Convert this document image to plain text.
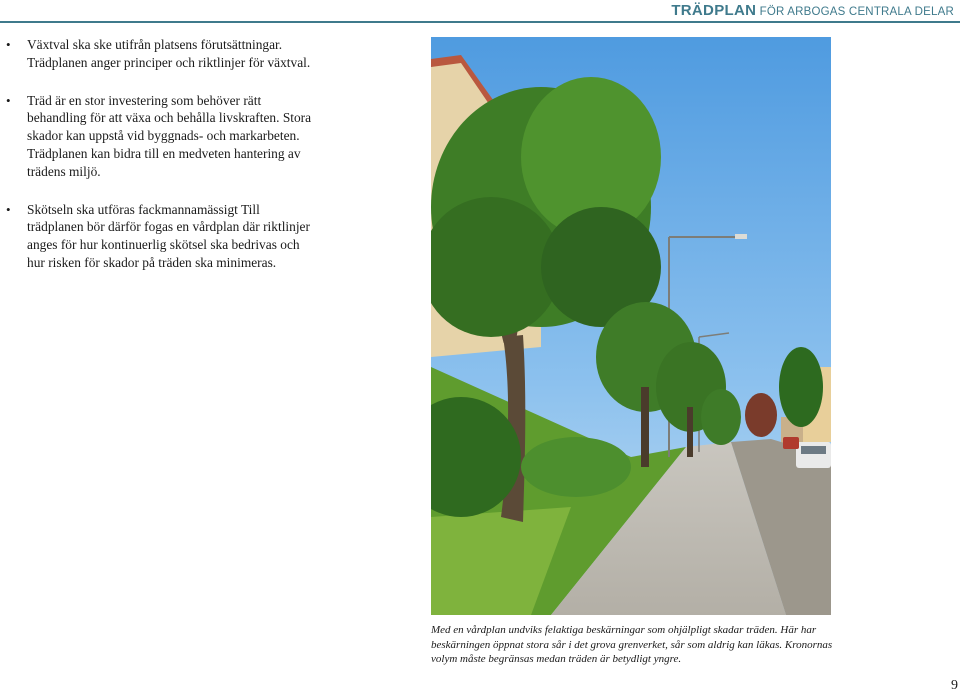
TRÄDPLAN FÖR ARBOGAS CENTRALA DELAR
• Växtval ska ske utifrån platsens förutsättningar. Trädplanen anger principer och riktlinjer för växtval.
• Träd är en stor investering som behöver rätt behandling för att växa och behålla livskraften. Stora skador kan uppstå vid byggnads- och markarbeten. Trädplanen kan bidra till en medveten hantering av trädens miljö.
• Skötseln ska utföras fackmannamässigt Till trädplanen bör därför fogas en vårdplan där riktlinjer anges för hur kontinuerlig skötsel ska bedrivas och hur risken för skador på träden ska minimeras.
Med en vårdplan undviks felaktiga beskärningar som ohjälpligt skadar träden. Här har beskärningen öppnat stora sår i det grova grenverket, sår som aldrig kan läkas. Kronornas volym måste begränsas medan träden är betydligt yngre.
9
